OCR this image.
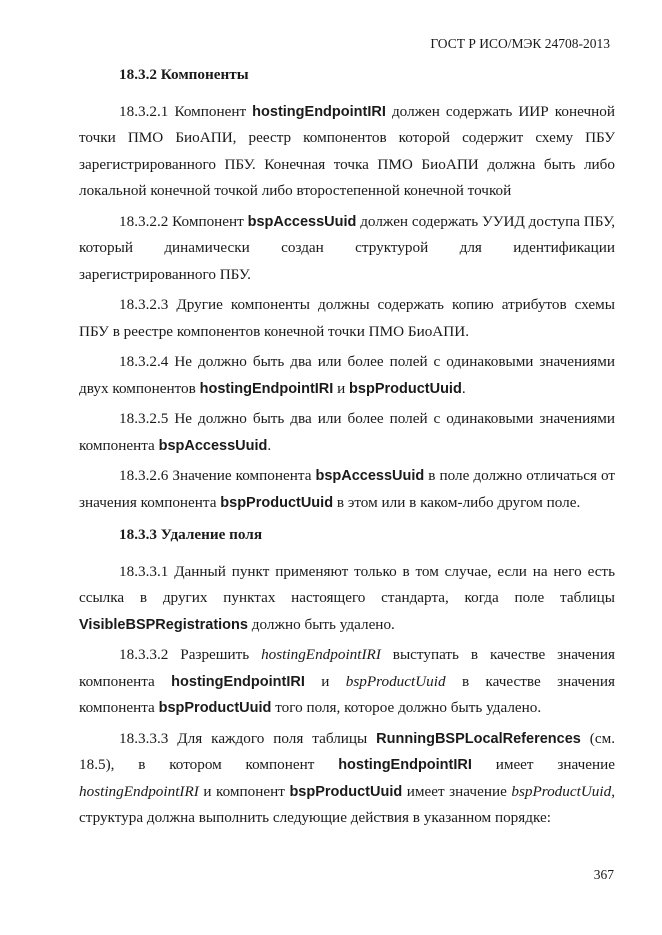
ГОСТ Р ИСО/МЭК 24708-2013
18.3.2 Компоненты

18.3.2.1 Компонент hostingEndpointIRI должен содержать ИИР конечной точки ПМО БиоАПИ, реестр компонентов которой содержит схему ПБУ зарегистрированного ПБУ. Конечная точка ПМО БиоАПИ должна быть либо локальной конечной точкой либо второстепенной конечной точкой

18.3.2.2 Компонент bspAccessUuid должен содержать УУИД доступа ПБУ, который динамически создан структурой для идентификации зарегистрированного ПБУ.

18.3.2.3 Другие компоненты должны содержать копию атрибутов схемы ПБУ в реестре компонентов конечной точки ПМО БиоАПИ.

18.3.2.4 Не должно быть два или более полей с одинаковыми значениями двух компонентов hostingEndpointIRI и bspProductUuid.

18.3.2.5 Не должно быть два или более полей с одинаковыми значениями компонента bspAccessUuid.

18.3.2.6 Значение компонента bspAccessUuid в поле должно отличаться от значения компонента bspProductUuid в этом или в каком-либо другом поле.

18.3.3 Удаление поля

18.3.3.1 Данный пункт применяют только в том случае, если на него есть ссылка в других пунктах настоящего стандарта, когда поле таблицы VisibleBSPRegistrations должно быть удалено.

18.3.3.2 Разрешить hostingEndpointIRI выступать в качестве значения компонента hostingEndpointIRI и bspProductUuid в качестве значения компонента bspProductUuid того поля, которое должно быть удалено.

18.3.3.3 Для каждого поля таблицы RunningBSPLocalReferences (см. 18.5), в котором компонент hostingEndpointIRI имеет значение hostingEndpointIRI и компонент bspProductUuid имеет значение bspProductUuid, структура должна выполнить следующие действия в указанном порядке:

367
